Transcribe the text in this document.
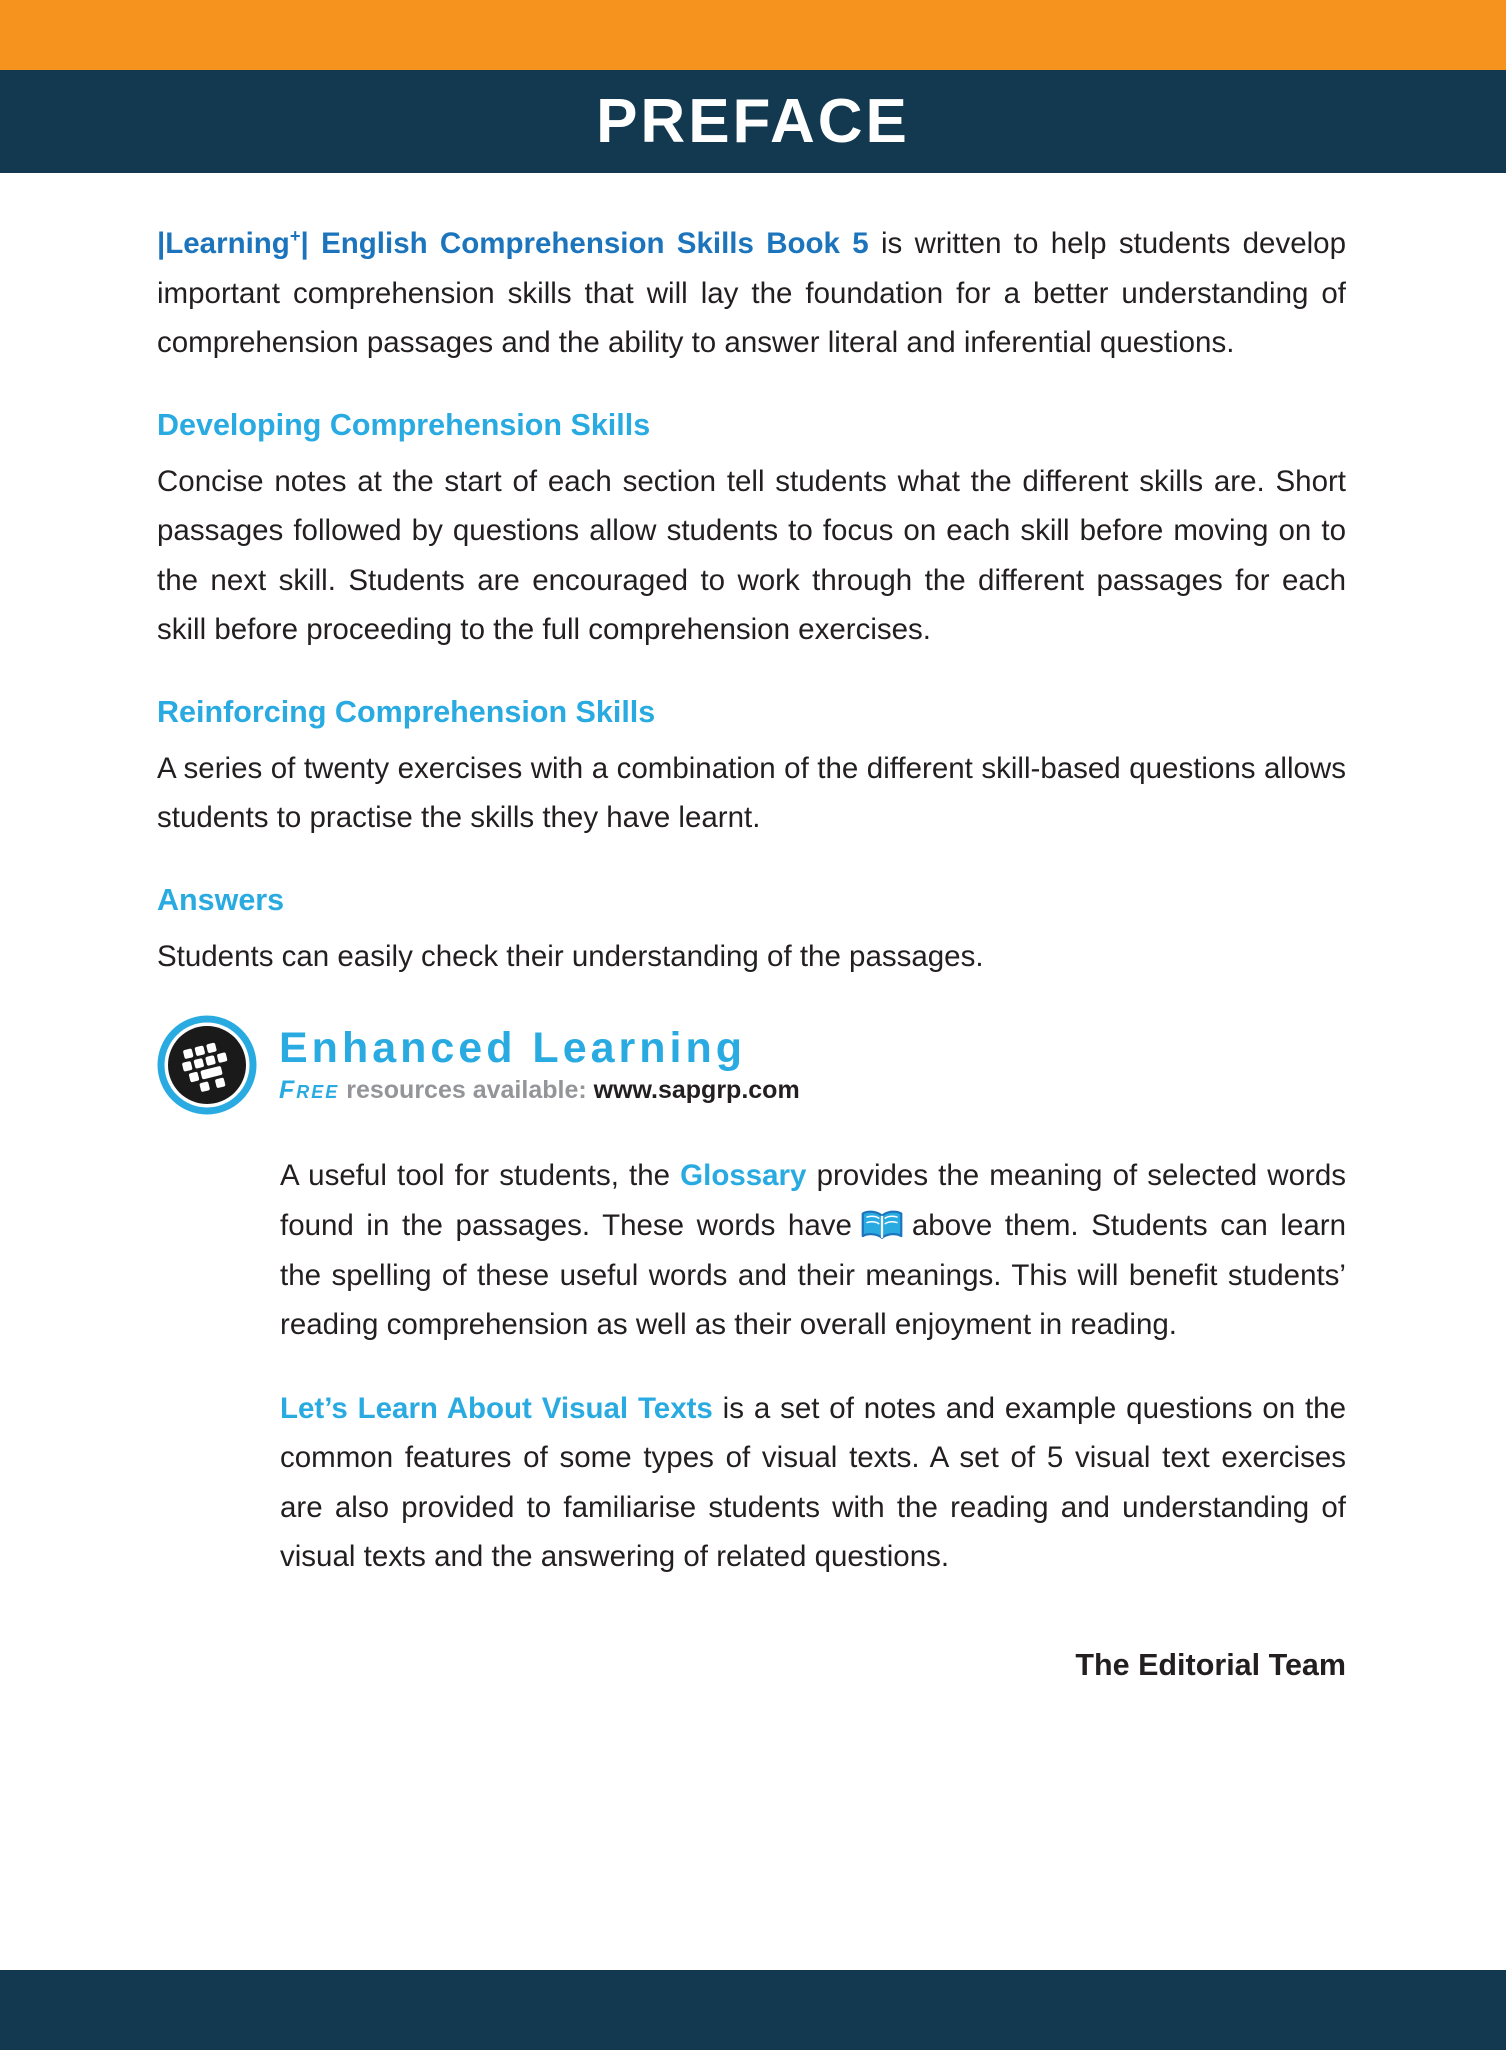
PREFACE

|Learning+| English Comprehension Skills Book 5 is written to help students develop important comprehension skills that will lay the foundation for a better understanding of comprehension passages and the ability to answer literal and inferential questions.

Developing Comprehension Skills

Concise notes at the start of each section tell students what the different skills are. Short passages followed by questions allow students to focus on each skill before moving on to the next skill. Students are encouraged to work through the different passages for each skill before proceeding to the full comprehension exercises.

Reinforcing Comprehension Skills

A series of twenty exercises with a combination of the different skill-based questions allows students to practise the skills they have learnt.

Answers

Students can easily check their understanding of the passages.

Enhanced Learning
Free resources available: www.sapgrp.com

A useful tool for students, the Glossary provides the meaning of selected words found in the passages. These words have above them. Students can learn the spelling of these useful words and their meanings. This will benefit students’ reading comprehension as well as their overall enjoyment in reading.

Let’s Learn About Visual Texts is a set of notes and example questions on the common features of some types of visual texts. A set of 5 visual text exercises are also provided to familiarise students with the reading and understanding of visual texts and the answering of related questions.

The Editorial Team
